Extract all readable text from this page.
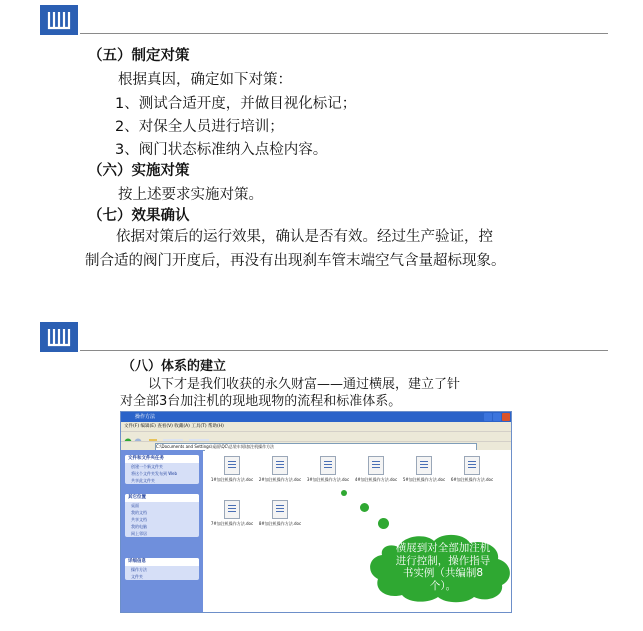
（五）制定对策
根据真因，确定如下对策：
1、测试合适开度，并做目视化标记；
2、对保全人员进行培训；
3、阀门状态标准纳入点检内容。
（六）实施对策
按上述要求实施对策。
（七）效果确认
依据对策后的运行效果，确认是否有效。经过生产验证，控
制合适的阀门开度后，再没有出现刹车管末端空气含量超标现象。
（八）体系的建立
以下才是我们收获的永久财富——通过横展，建立了针
对全部3台加注机的现地现物的流程和标准体系。
操作方法
文件(F) 编辑(E) 查看(V) 收藏(A) 工具(T) 帮助(H)
C:\Documents and Settings\桌面\QC\总装车间\加注机操作方法
文件和文件夹任务
创建一个新文件夹
将这个文件夹发布到 Web
共享此文件夹
其它位置
桌面
我的文档
共享文档
我的电脑
网上邻居
详细信息
操作方法
文件夹
1#加注机操作方法.doc	2#加注机操作方法.doc	3#加注机操作方法.doc	4#加注机操作方法.doc	5#加注机操作方法.doc	6#加注机操作方法.doc
7#加注机操作方法.doc	8#加注机操作方法.doc
横展到对全部加注机进行控制，操作指导书实例（共编制8个）。
